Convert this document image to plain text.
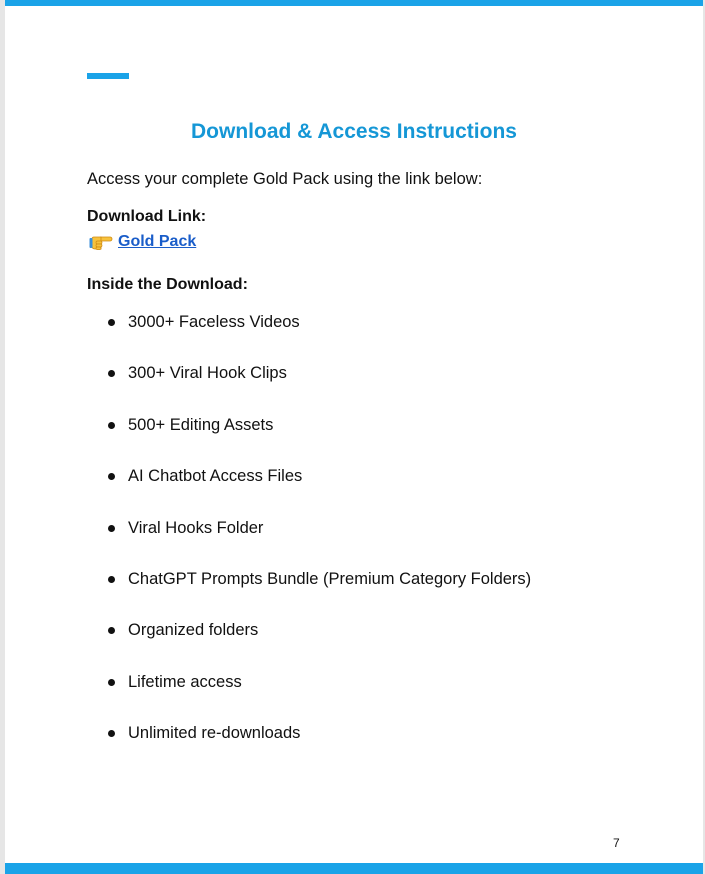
Download & Access Instructions

Access your complete Gold Pack using the link below:

Download Link:

Gold Pack

Inside the Download:

3000+ Faceless Videos
300+ Viral Hook Clips
500+ Editing Assets
AI Chatbot Access Files
Viral Hooks Folder
ChatGPT Prompts Bundle (Premium Category Folders)
Organized folders
Lifetime access
Unlimited re-downloads
7
